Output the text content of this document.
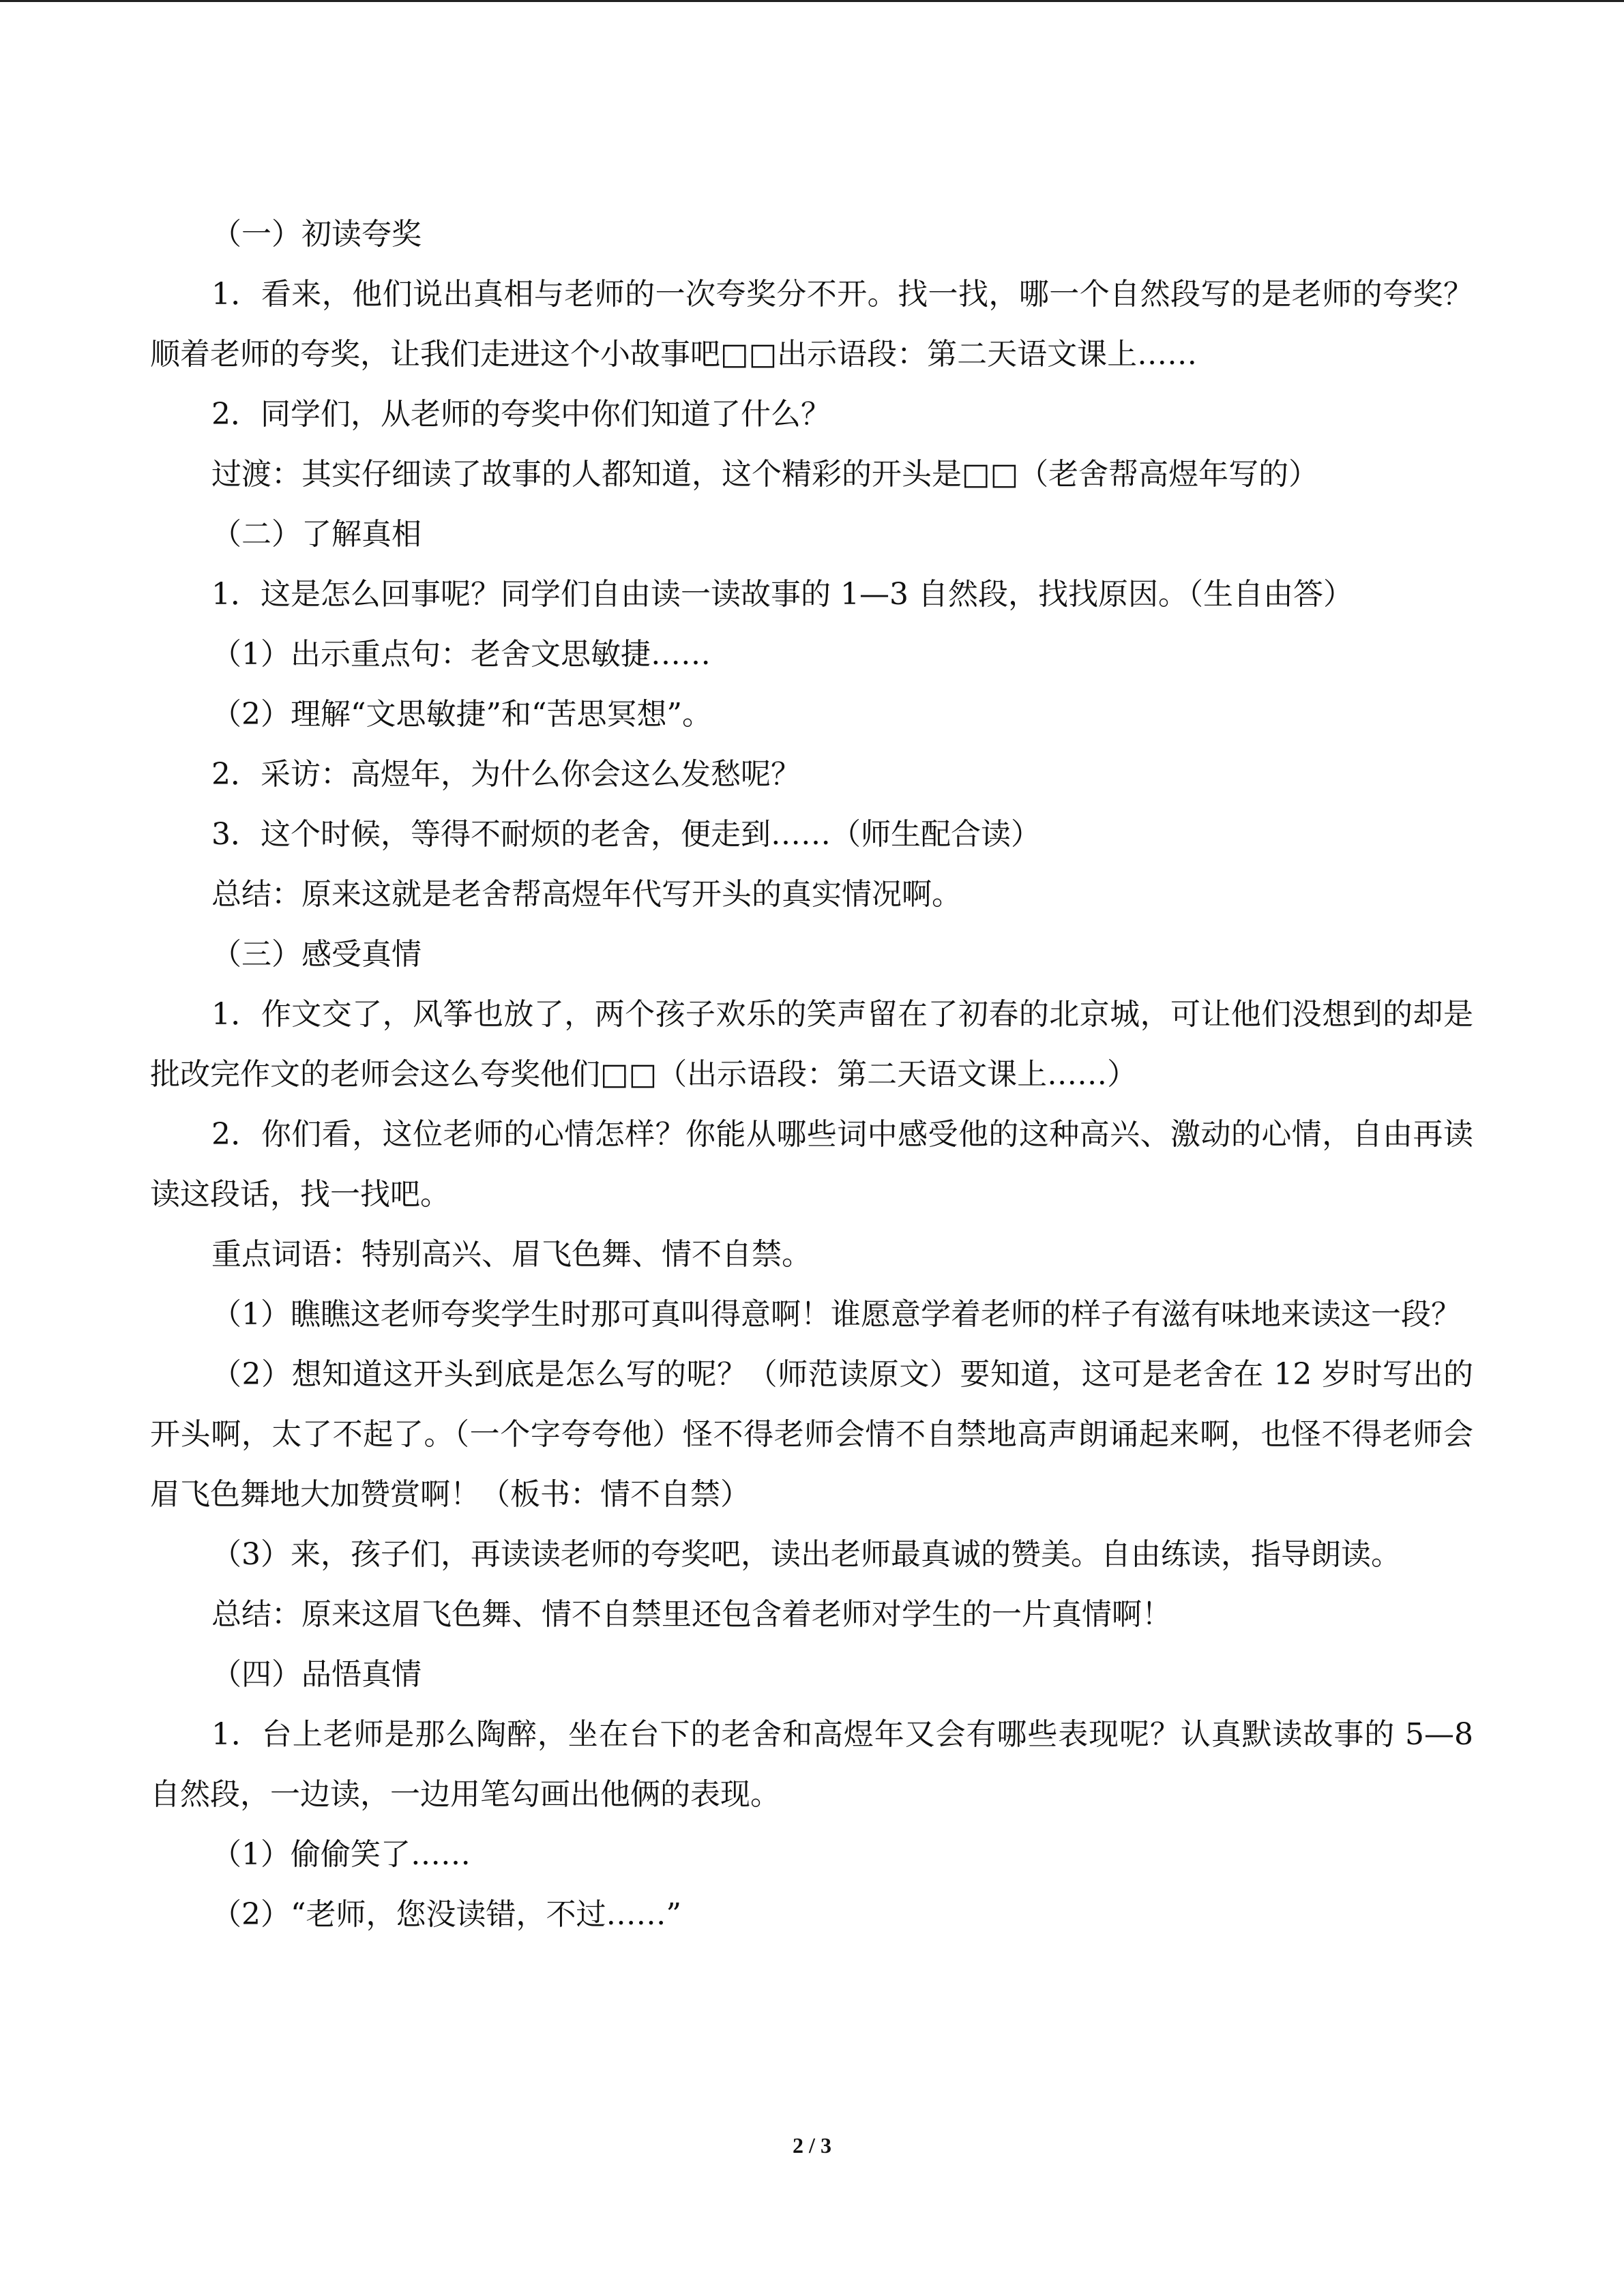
（一）初读夸奖
1．看来，他们说出真相与老师的一次夸奖分不开。找一找，哪一个自然段写的是老师的夸奖？顺着老师的夸奖，让我们走进这个小故事吧□□出示语段：第二天语文课上……
2．同学们，从老师的夸奖中你们知道了什么？
过渡：其实仔细读了故事的人都知道，这个精彩的开头是□□（老舍帮高煜年写的）
（二）了解真相
1．这是怎么回事呢？同学们自由读一读故事的 1—3 自然段，找找原因。（生自由答）
（1）出示重点句：老舍文思敏捷……
（2）理解“文思敏捷”和“苦思冥想”。
2．采访：高煜年，为什么你会这么发愁呢？
3．这个时候，等得不耐烦的老舍，便走到……（师生配合读）
总结：原来这就是老舍帮高煜年代写开头的真实情况啊。
（三）感受真情
1．作文交了，风筝也放了，两个孩子欢乐的笑声留在了初春的北京城，可让他们没想到的却是批改完作文的老师会这么夸奖他们□□（出示语段：第二天语文课上……）
2．你们看，这位老师的心情怎样？你能从哪些词中感受他的这种高兴、激动的心情，自由再读读这段话，找一找吧。
重点词语：特别高兴、眉飞色舞、情不自禁。
（1）瞧瞧这老师夸奖学生时那可真叫得意啊！谁愿意学着老师的样子有滋有味地来读这一段？
（2）想知道这开头到底是怎么写的呢？（师范读原文）要知道，这可是老舍在 12 岁时写出的开头啊，太了不起了。（一个字夸夸他）怪不得老师会情不自禁地高声朗诵起来啊，也怪不得老师会眉飞色舞地大加赞赏啊！（板书：情不自禁）
（3）来，孩子们，再读读老师的夸奖吧，读出老师最真诚的赞美。自由练读，指导朗读。
总结：原来这眉飞色舞、情不自禁里还包含着老师对学生的一片真情啊！
（四）品悟真情
1．台上老师是那么陶醉，坐在台下的老舍和高煜年又会有哪些表现呢？认真默读故事的 5—8 自然段，一边读，一边用笔勾画出他俩的表现。
（1）偷偷笑了……
（2）“老师，您没读错，不过……”
2 / 3
